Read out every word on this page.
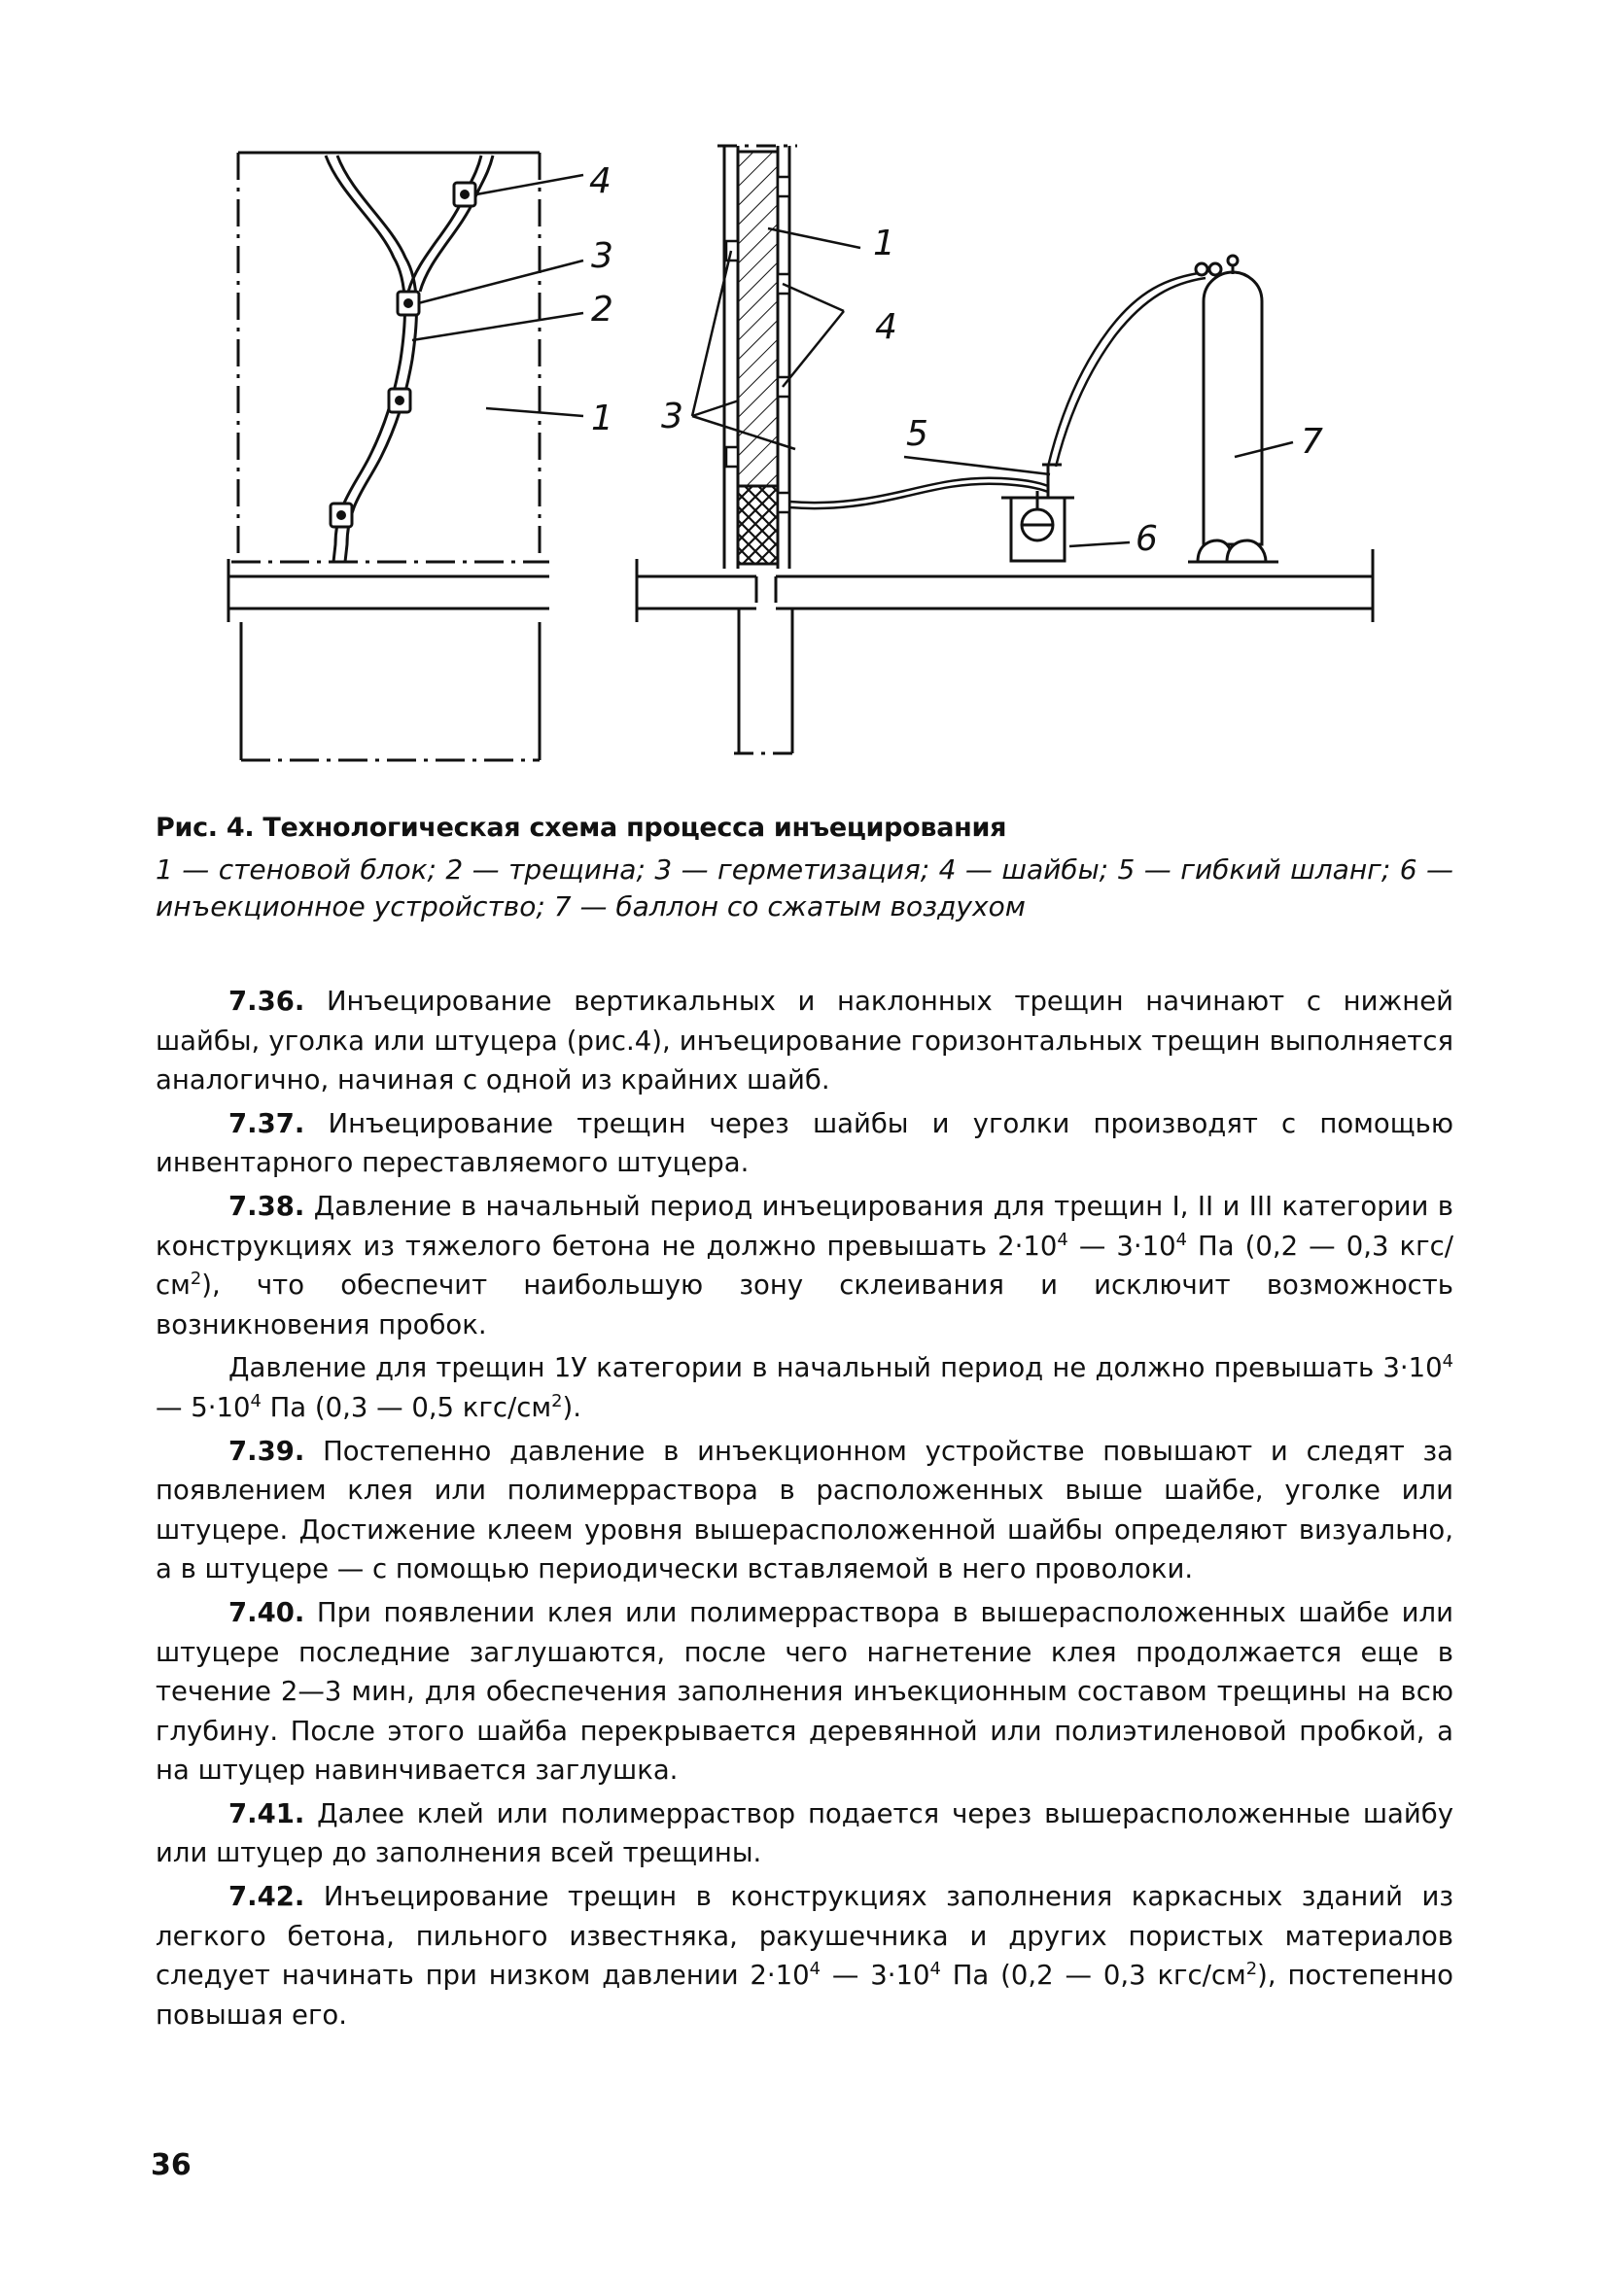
4
3
2
1
1
4
3	5
6
7
Рис. 4. Технологическая схема процесса инъецирования
1 — стеновой блок; 2 — трещина; 3 — герметизация; 4 — шайбы; 5 — гибкий шланг; 6 — инъекционное устройство; 7 — баллон со сжатым воздухом

7.36. Инъецирование вертикальных и наклонных трещин начинают с нижней шайбы, уголка или штуцера (рис.4), инъецирование горизонтальных трещин выполняется аналогично, начиная с одной из крайних шайб.

7.37. Инъецирование трещин через шайбы и уголки производят с помощью инвентарного переставляемого штуцера.

7.38. Давление в начальный период инъецирования для трещин I, II и III категории в конструкциях из тяжелого бетона не должно превышать $2\cdot 10^4$ — $3\cdot 10^4$ Па (0,2 — 0,3 кгс/$см^2$), что обеспечит наибольшую зону склеивания и исключит возможность возникновения пробок.

Давление для трещин 1У категории в начальный период не должно превышать $3\cdot 10^4$ — $5\cdot 10^4$ Па (0,3 — 0,5 кгс/$см^2$).

7.39. Постепенно давление в инъекционном устройстве повышают и следят за появлением клея или полимерраствора в расположенных выше шайбе, уголке или штуцере. Достижение клеем уровня вышерасположенной шайбы определяют визуально, а в штуцере — с помощью периодически вставляемой в него проволоки.

7.40. При появлении клея или полимерраствора в вышерасположенных шайбе или штуцере последние заглушаются, после чего нагнетение клея продолжается еще в течение 2—3 мин, для обеспечения заполнения инъекционным составом трещины на всю глубину. После этого шайба перекрывается деревянной или полиэтиленовой пробкой, а на штуцер навинчивается заглушка.

7.41. Далее клей или полимерраствор подается через вышерасположенные шайбу или штуцер до заполнения всей трещины.

7.42. Инъецирование трещин в конструкциях заполнения каркасных зданий из легкого бетона, пильного известняка, ракушечника и других пористых материалов следует начинать при низком давлении $2\cdot 10^4$ — $3\cdot 10^4$ Па (0,2 — 0,3 кгс/$см^2$), постепенно повышая его.

36
